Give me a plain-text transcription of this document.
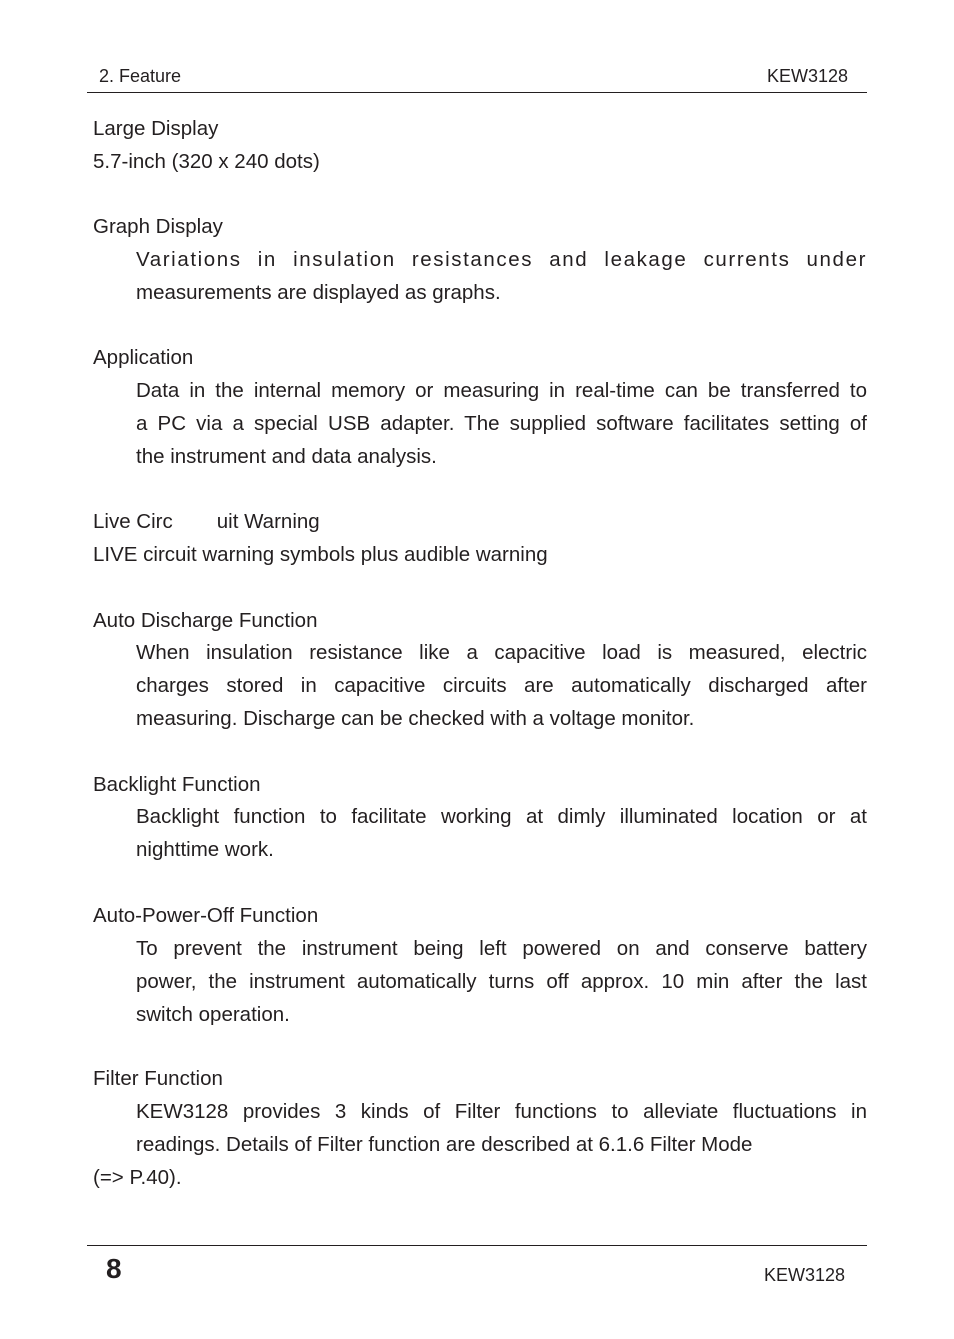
2. Feature	KEW3128
Large Display
5.7-inch (320 x 240 dots)
Graph Display
Variations in insulation resistances and leakage currents under
measurements are displayed as graphs.
Application
Data in the internal memory or measuring in real-time can be transferred to
a PC via a special USB adapter. The supplied software facilitates setting of
the instrument and data analysis.
Live Circ uit Warning
LIVE circuit warning symbols plus audible warning
Auto Discharge Function
When insulation resistance like a capacitive load is measured, electric
charges stored in capacitive circuits are automatically discharged after
measuring. Discharge can be checked with a voltage monitor.
Backlight Function
Backlight function to facilitate working at dimly illuminated location or at
nighttime work.
Auto-Power-Off Function
To prevent the instrument being left powered on and conserve battery
power, the instrument automatically turns off approx. 10 min after the last
switch operation.
Filter Function
KEW3128 provides 3 kinds of Filter functions to alleviate fluctuations in
readings. Details of Filter function are described at 6.1.6 Filter Mode
(=> P.40).
8	KEW3128
